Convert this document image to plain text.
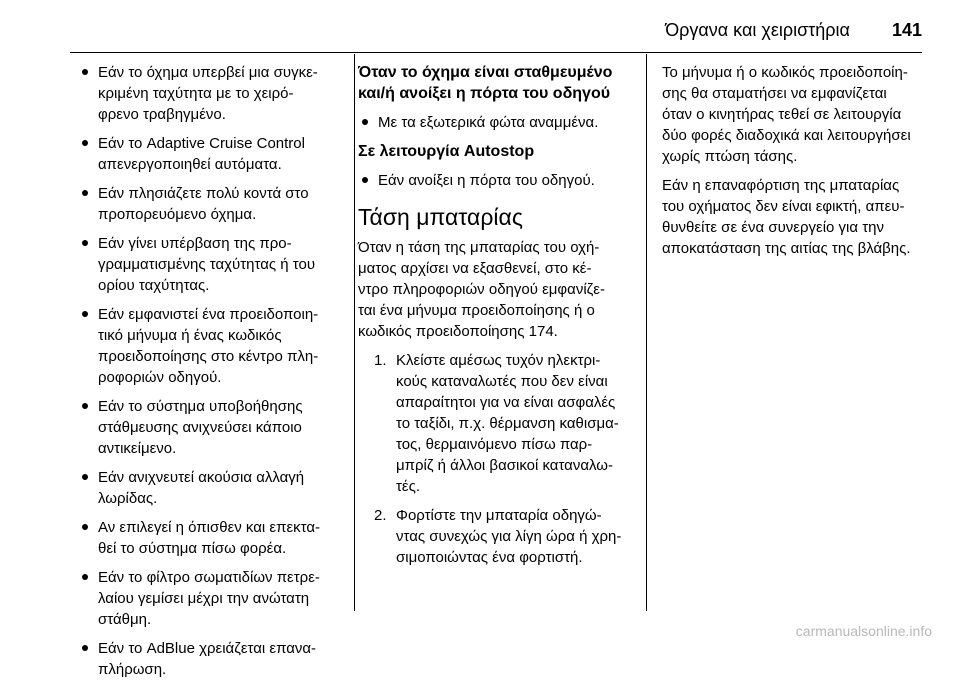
Όργανα και χειριστήρια 141
Εάν το όχημα υπερβεί μια συγκε-
κριμένη ταχύτητα με το χειρό-
φρενο τραβηγμένο.
Εάν το Adaptive Cruise Control
απενεργοποιηθεί αυτόματα.
Εάν πλησιάζετε πολύ κοντά στο
προπορευόμενο όχημα.
Εάν γίνει υπέρβαση της προ-
γραμματισμένης ταχύτητας ή του
ορίου ταχύτητας.
Εάν εμφανιστεί ένα προειδοποιη-
τικό μήνυμα ή ένας κωδικός
προειδοποίησης στο κέντρο πλη-
ροφοριών οδηγού.
Εάν το σύστημα υποβοήθησης
στάθμευσης ανιχνεύσει κάποιο
αντικείμενο.
Εάν ανιχνευτεί ακούσια αλλαγή
λωρίδας.
Αν επιλεγεί η όπισθεν και επεκτα-
θεί το σύστημα πίσω φορέα.
Εάν το φίλτρο σωματιδίων πετρε-
λαίου γεμίσει μέχρι την ανώτατη
στάθμη.
Εάν το AdBlue χρειάζεται επανα-
πλήρωση.
Όταν το όχημα είναι σταθμευμένο
και/ή ανοίξει η πόρτα του οδηγού
Με τα εξωτερικά φώτα αναμμένα.
Σε λειτουργία Autostop
Εάν ανοίξει η πόρτα του οδηγού.
Τάση μπαταρίας

Όταν η τάση της μπαταρίας του οχή-
ματος αρχίσει να εξασθενεί, στο κέ-
ντρο πληροφοριών οδηγού εμφανίζε-
ται ένα μήνυμα προειδοποίησης ή ο
κωδικός προειδοποίησης 174.

1. Κλείστε αμέσως τυχόν ηλεκτρι-
κούς καταναλωτές που δεν είναι
απαραίτητοι για να είναι ασφαλές
το ταξίδι, π.χ. θέρμανση καθισμα-
τος, θερμαινόμενο πίσω παρ-
μπρίζ ή άλλοι βασικοί καταναλω-
τές.
2. Φορτίστε την μπαταρία οδηγώ-
ντας συνεχώς για λίγη ώρα ή χρη-
σιμοποιώντας ένα φορτιστή.

Το μήνυμα ή ο κωδικός προειδοποίη-
σης θα σταματήσει να εμφανίζεται
όταν ο κινητήρας τεθεί σε λειτουργία
δύο φορές διαδοχικά και λειτουργήσει
χωρίς πτώση τάσης.

Εάν η επαναφόρτιση της μπαταρίας
του οχήματος δεν είναι εφικτή, απευ-
θυνθείτε σε ένα συνεργείο για την
αποκατάσταση της αιτίας της βλάβης.

carmanualsonline.info
